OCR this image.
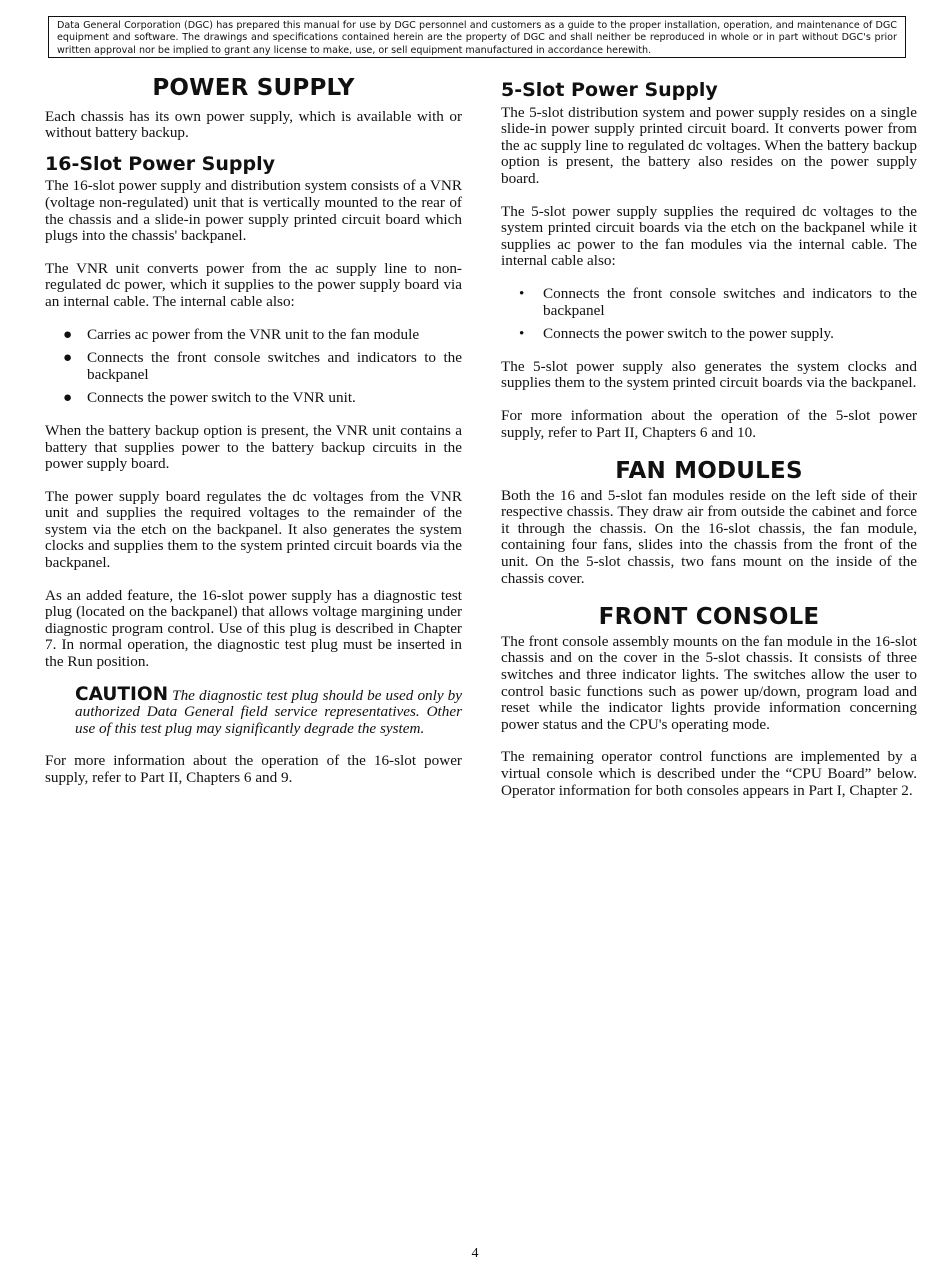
Data General Corporation (DGC) has prepared this manual for use by DGC personnel and customers as a guide to the proper installation, operation, and maintenance of DGC equipment and software. The drawings and specifications contained herein are the property of DGC and shall neither be reproduced in whole or in part without DGC's prior written approval nor be implied to grant any license to make, use, or sell equipment manufactured in accordance herewith.
POWER SUPPLY

Each chassis has its own power supply, which is available with or without battery backup.

16-Slot Power Supply

The 16-slot power supply and distribution system consists of a VNR (voltage non-regulated) unit that is vertically mounted to the rear of the chassis and a slide-in power supply printed circuit board which plugs into the chassis' backpanel.

The VNR unit converts power from the ac supply line to non-regulated dc power, which it supplies to the power supply board via an internal cable. The internal cable also:

● Carries ac power from the VNR unit to the fan module
● Connects the front console switches and indicators to the backpanel
● Connects the power switch to the VNR unit.

When the battery backup option is present, the VNR unit contains a battery that supplies power to the battery backup circuits in the power supply board.

The power supply board regulates the dc voltages from the VNR unit and supplies the required voltages to the remainder of the system via the etch on the backpanel. It also generates the system clocks and supplies them to the system printed circuit boards via the backpanel.

As an added feature, the 16-slot power supply has a diagnostic test plug (located on the backpanel) that allows voltage margining under diagnostic program control. Use of this plug is described in Chapter 7. In normal operation, the diagnostic test plug must be inserted in the Run position.

CAUTION The diagnostic test plug should be used only by authorized Data General field service representatives. Other use of this test plug may significantly degrade the system.

For more information about the operation of the 16-slot power supply, refer to Part II, Chapters 6 and 9.

5-Slot Power Supply

The 5-slot distribution system and power supply resides on a single slide-in power supply printed circuit board. It converts power from the ac supply line to regulated dc voltages. When the battery backup option is present, the battery also resides on the power supply board.

The 5-slot power supply supplies the required dc voltages to the system printed circuit boards via the etch on the backpanel while it supplies ac power to the fan modules via the internal cable. The internal cable also:

• Connects the front console switches and indicators to the backpanel
• Connects the power switch to the power supply.

The 5-slot power supply also generates the system clocks and supplies them to the system printed circuit boards via the backpanel.

For more information about the operation of the 5-slot power supply, refer to Part II, Chapters 6 and 10.

FAN MODULES

Both the 16 and 5-slot fan modules reside on the left side of their respective chassis. They draw air from outside the cabinet and force it through the chassis. On the 16-slot chassis, the fan module, containing four fans, slides into the chassis from the front of the unit. On the 5-slot chassis, two fans mount on the inside of the chassis cover.

FRONT CONSOLE

The front console assembly mounts on the fan module in the 16-slot chassis and on the cover in the 5-slot chassis. It consists of three switches and three indicator lights. The switches allow the user to control basic functions such as power up/down, program load and reset while the indicator lights provide information concerning power status and the CPU's operating mode.

The remaining operator control functions are implemented by a virtual console which is described under the “CPU Board” below. Operator information for both consoles appears in Part I, Chapter 2.

4
